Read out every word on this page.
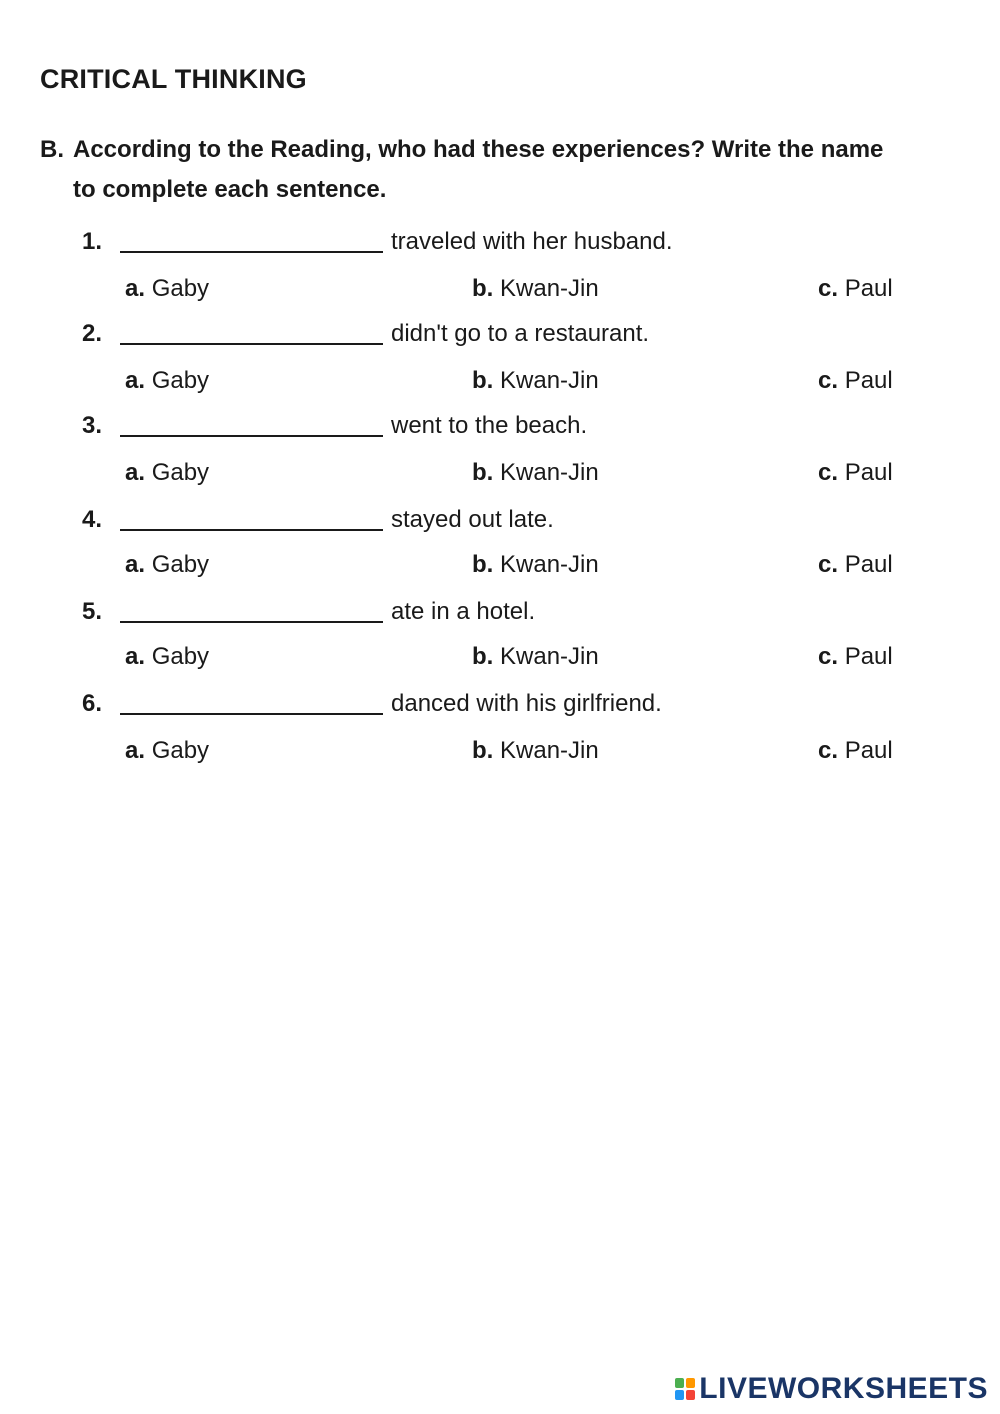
CRITICAL THINKING
B. According to the Reading, who had these experiences? Write the name
to complete each sentence.
1.	traveled with her husband.
a. Gaby	b. Kwan-Jin	c. Paul
2.	didn't go to a restaurant.
a. Gaby	b. Kwan-Jin	c. Paul
3.	went to the beach.
a. Gaby	b. Kwan-Jin	c. Paul
4.	stayed out late.
a. Gaby	b. Kwan-Jin	c. Paul
5.	ate in a hotel.
a. Gaby	b. Kwan-Jin	c. Paul
6.	danced with his girlfriend.
a. Gaby	b. Kwan-Jin	c. Paul
LIVEWORKSHEETS
